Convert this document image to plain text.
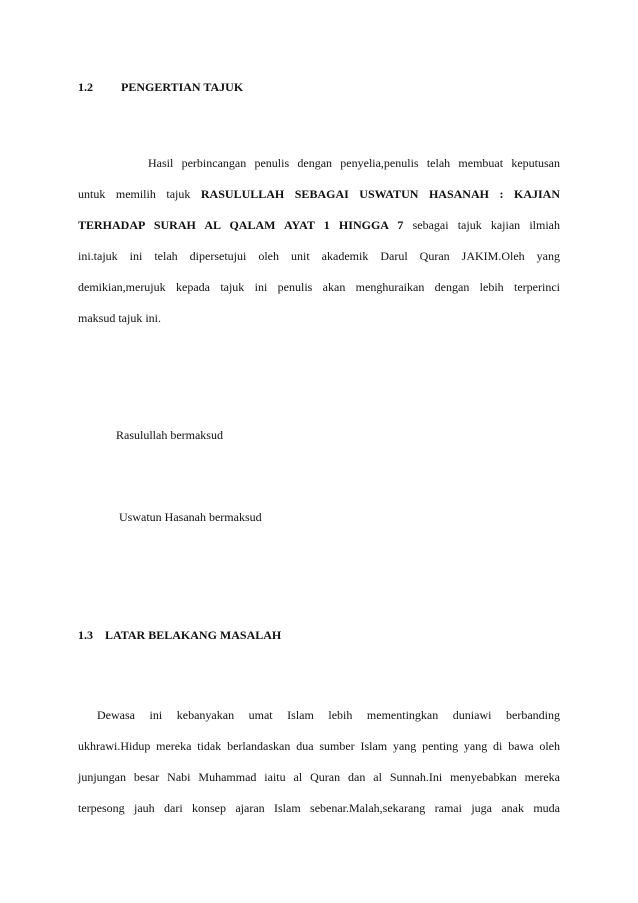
1.2 PENGERTIAN TAJUK
Hasil perbincangan penulis dengan penyelia,penulis telah membuat keputusan
untuk memilih tajuk RASULULLAH SEBAGAI USWATUN HASANAH : KAJIAN
TERHADAP SURAH AL QALAM AYAT 1 HINGGA 7 sebagai tajuk kajian ilmiah
ini.tajuk ini telah dipersetujui oleh unit akademik Darul Quran JAKIM.Oleh yang
demikian,merujuk kepada tajuk ini penulis akan menghuraikan dengan lebih terperinci
maksud tajuk ini.
Rasulullah bermaksud
Uswatun Hasanah bermaksud
1.3 LATAR BELAKANG MASALAH
Dewasa ini kebanyakan umat Islam lebih mementingkan duniawi berbanding
ukhrawi.Hidup mereka tidak berlandaskan dua sumber Islam yang penting yang di bawa oleh
junjungan besar Nabi Muhammad iaitu al Quran dan al Sunnah.Ini menyebabkan mereka
terpesong jauh dari konsep ajaran Islam sebenar.Malah,sekarang ramai juga anak muda
